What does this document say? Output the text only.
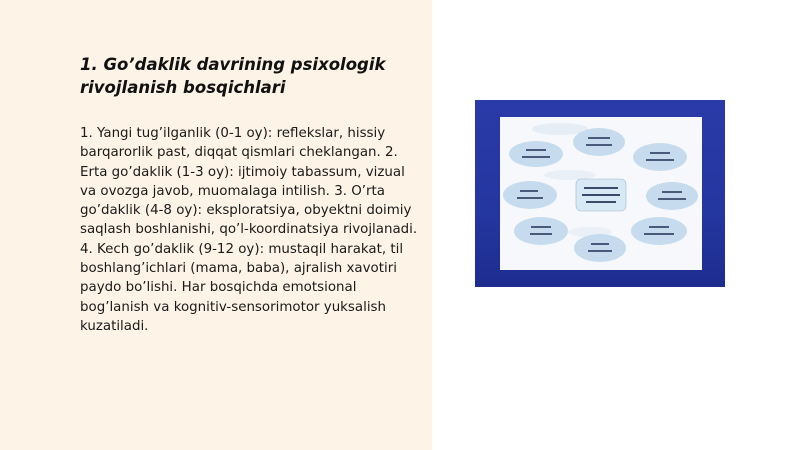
1. Go’daklik davrining psixologik
rivojlanish bosqichlari

1. Yangi tug’ilganlik (0-1 oy): reflekslar, hissiy barqarorlik past, diqqat qismlari cheklangan. 2. Erta go’daklik (1-3 oy): ijtimoiy tabassum, vizual va ovozga javob, muomalaga intilish. 3. O’rta go’daklik (4-8 oy): eksploratsiya, obyektni doimiy saqlash boshlanishi, qo’l-koordinatsiya rivojlanadi. 4. Kech go’daklik (9-12 oy): mustaqil harakat, til boshlang’ichlari (mama, baba), ajralish xavotiri paydo bo’lishi. Har bosqichda emotsional bog’lanish va kognitiv-sensorimotor yuksalish kuzatiladi.
